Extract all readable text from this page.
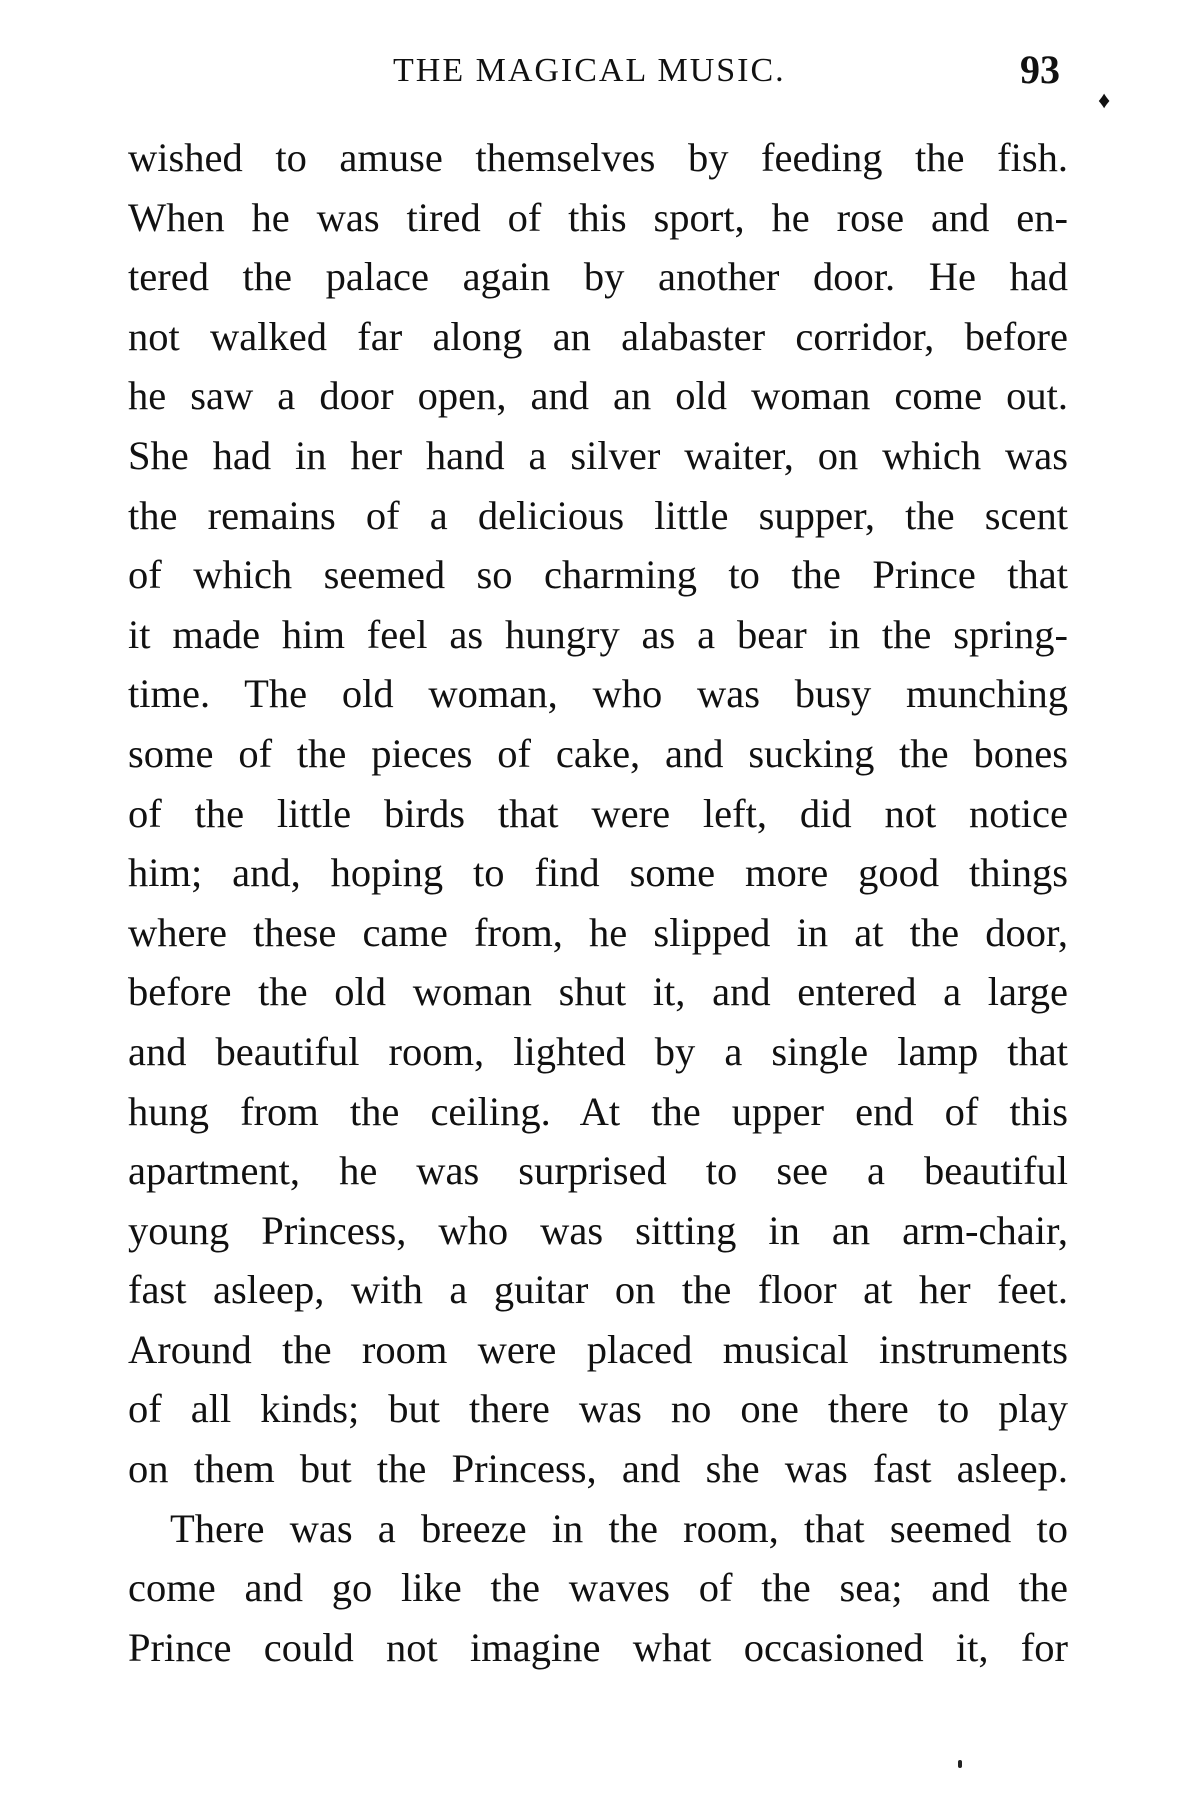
THE MAGICAL MUSIC.	93
♦
wished to amuse themselves by feeding the fish.
When he was tired of this sport, he rose and en-
tered the palace again by another door. He had
not walked far along an alabaster corridor, before
he saw a door open, and an old woman come out.
She had in her hand a silver waiter, on which was
the remains of a delicious little supper, the scent
of which seemed so charming to the Prince that
it made him feel as hungry as a bear in the spring-
time. The old woman, who was busy munching
some of the pieces of cake, and sucking the bones
of the little birds that were left, did not notice
him; and, hoping to find some more good things
where these came from, he slipped in at the door,
before the old woman shut it, and entered a large
and beautiful room, lighted by a single lamp that
hung from the ceiling. At the upper end of this
apartment, he was surprised to see a beautiful
young Princess, who was sitting in an arm-chair,
fast asleep, with a guitar on the floor at her feet.
Around the room were placed musical instruments
of all kinds; but there was no one there to play
on them but the Princess, and she was fast asleep.
There was a breeze in the room, that seemed to
come and go like the waves of the sea; and the
Prince could not imagine what occasioned it, for
